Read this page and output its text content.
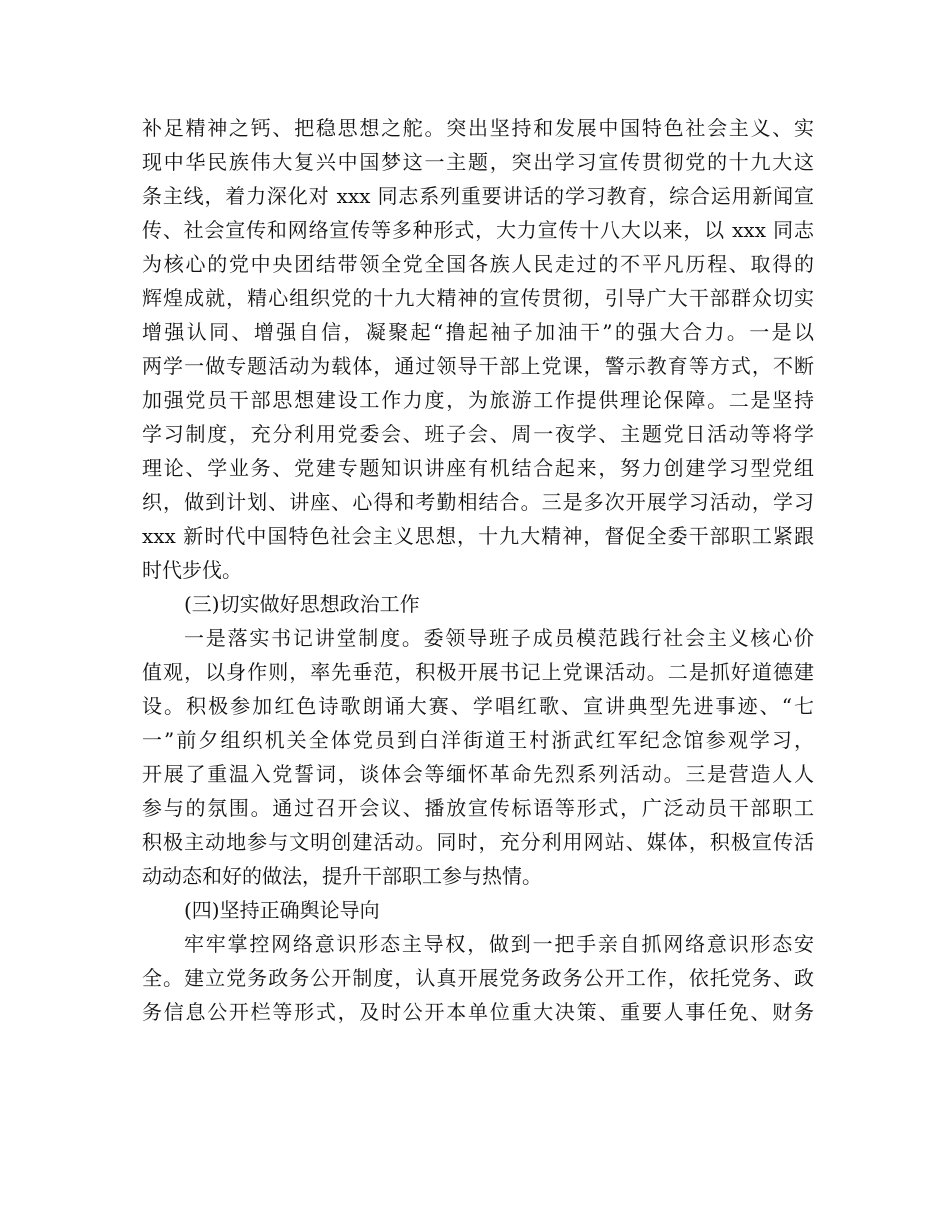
补足精神之钙、把稳思想之舵。突出坚持和发展中国特色社会主义、实
现中华民族伟大复兴中国梦这一主题，突出学习宣传贯彻党的十九大这
条主线，着力深化对 xxx 同志系列重要讲话的学习教育，综合运用新闻宣
传、社会宣传和网络宣传等多种形式，大力宣传十八大以来，以 xxx 同志
为核心的党中央团结带领全党全国各族人民走过的不平凡历程、取得的
辉煌成就，精心组织党的十九大精神的宣传贯彻，引导广大干部群众切实
增强认同、增强自信，凝聚起“撸起袖子加油干”的强大合力。一是以
两学一做专题活动为载体，通过领导干部上党课，警示教育等方式，不断
加强党员干部思想建设工作力度，为旅游工作提供理论保障。二是坚持
学习制度，充分利用党委会、班子会、周一夜学、主题党日活动等将学
理论、学业务、党建专题知识讲座有机结合起来，努力创建学习型党组
织，做到计划、讲座、心得和考勤相结合。三是多次开展学习活动，学习
xxx 新时代中国特色社会主义思想，十九大精神，督促全委干部职工紧跟
时代步伐。
(三)切实做好思想政治工作
一是落实书记讲堂制度。委领导班子成员模范践行社会主义核心价
值观，以身作则，率先垂范，积极开展书记上党课活动。二是抓好道德建
设。积极参加红色诗歌朗诵大赛、学唱红歌、宣讲典型先进事迹、“七
一”前夕组织机关全体党员到白洋街道王村浙武红军纪念馆参观学习，
开展了重温入党誓词，谈体会等缅怀革命先烈系列活动。三是营造人人
参与的氛围。通过召开会议、播放宣传标语等形式，广泛动员干部职工
积极主动地参与文明创建活动。同时，充分利用网站、媒体，积极宣传活
动动态和好的做法，提升干部职工参与热情。
(四)坚持正确舆论导向
牢牢掌控网络意识形态主导权，做到一把手亲自抓网络意识形态安
全。建立党务政务公开制度，认真开展党务政务公开工作，依托党务、政
务信息公开栏等形式，及时公开本单位重大决策、重要人事任免、财务
